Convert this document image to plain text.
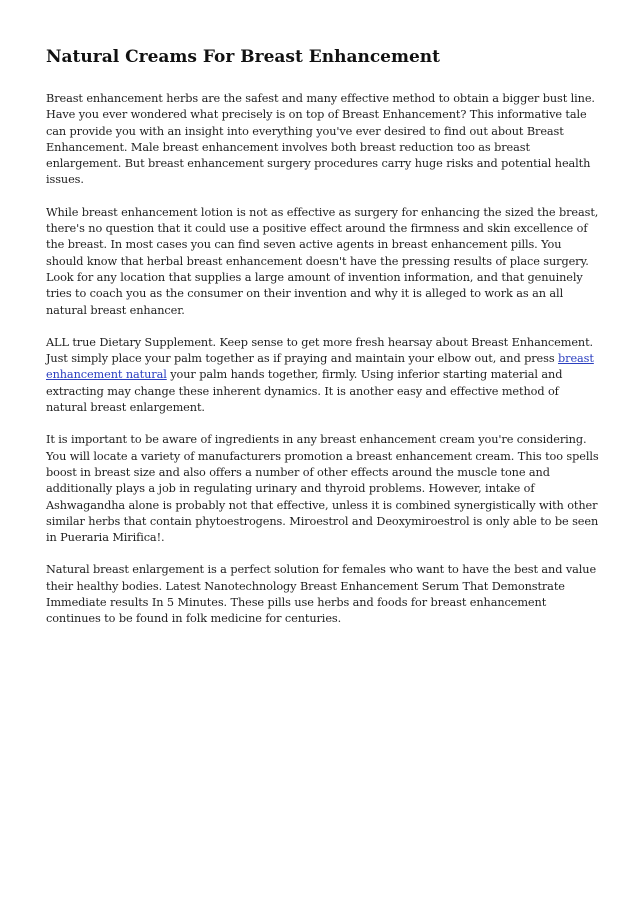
Natural Creams For Breast Enhancement

Breast enhancement herbs are the safest and many effective method to obtain a bigger bust line. Have you ever wondered what precisely is on top of Breast Enhancement? This informative tale can provide you with an insight into everything you've ever desired to find out about Breast Enhancement. Male breast enhancement involves both breast reduction too as breast enlargement. But breast enhancement surgery procedures carry huge risks and potential health issues.

While breast enhancement lotion is not as effective as surgery for enhancing the sized the breast, there's no question that it could use a positive effect around the firmness and skin excellence of the breast. In most cases you can find seven active agents in breast enhancement pills. You should know that herbal breast enhancement doesn't have the pressing results of place surgery. Look for any location that supplies a large amount of invention information, and that genuinely tries to coach you as the consumer on their invention and why it is alleged to work as an all natural breast enhancer.

ALL true Dietary Supplement. Keep sense to get more fresh hearsay about Breast Enhancement. Just simply place your palm together as if praying and maintain your elbow out, and press breast enhancement natural your palm hands together, firmly. Using inferior starting material and extracting may change these inherent dynamics. It is another easy and effective method of natural breast enlargement.

It is important to be aware of ingredients in any breast enhancement cream you're considering. You will locate a variety of manufacturers promotion a breast enhancement cream. This too spells boost in breast size and also offers a number of other effects around the muscle tone and additionally plays a job in regulating urinary and thyroid problems. However, intake of Ashwagandha alone is probably not that effective, unless it is combined synergistically with other similar herbs that contain phytoestrogens. Miroestrol and Deoxymiroestrol is only able to be seen in Pueraria Mirifica!.

Natural breast enlargement is a perfect solution for females who want to have the best and value their healthy bodies. Latest Nanotechnology Breast Enhancement Serum That Demonstrate Immediate results In 5 Minutes. These pills use herbs and foods for breast enhancement continues to be found in folk medicine for centuries.
